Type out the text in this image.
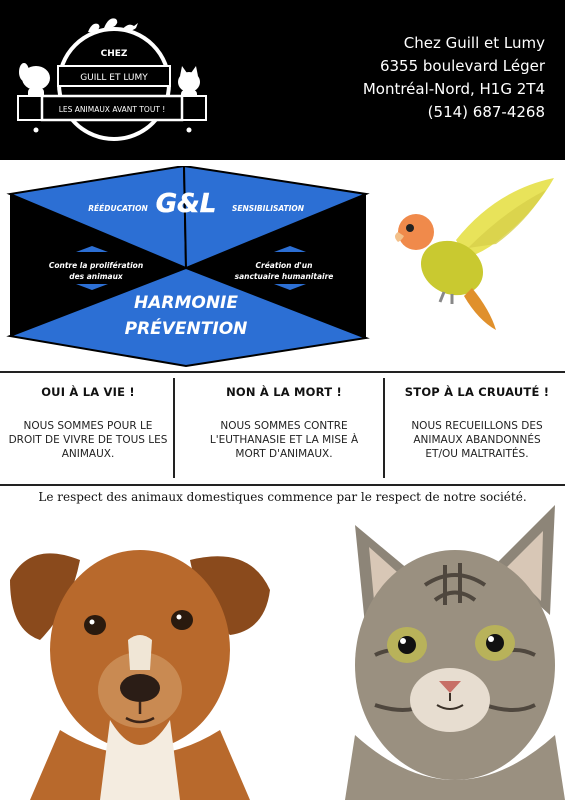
CHEZ
GUILL ET LUMY
LES ANIMAUX AVANT TOUT !
Chez Guill et Lumy
6355 boulevard Léger
Montréal-Nord, H1G 2T4
(514) 687-4268
G&L
RÉÉDUCATION	SENSIBILISATION
Contre la prolifération
des animaux
Création d'un
sanctuaire humanitaire
HARMONIE
PRÉVENTION
OUI À LA VIE !

NOUS SOMMES POUR LE DROIT DE VIVRE DE TOUS LES ANIMAUX.

NON À LA MORT !

NOUS SOMMES CONTRE L'EUTHANASIE ET LA MISE À MORT D'ANIMAUX.

STOP À LA CRUAUTÉ !

NOUS RECUEILLONS DES ANIMAUX ABANDONNÉS ET/OU MALTRAITÉS.

Le respect des animaux domestiques commence par le respect de notre société.
